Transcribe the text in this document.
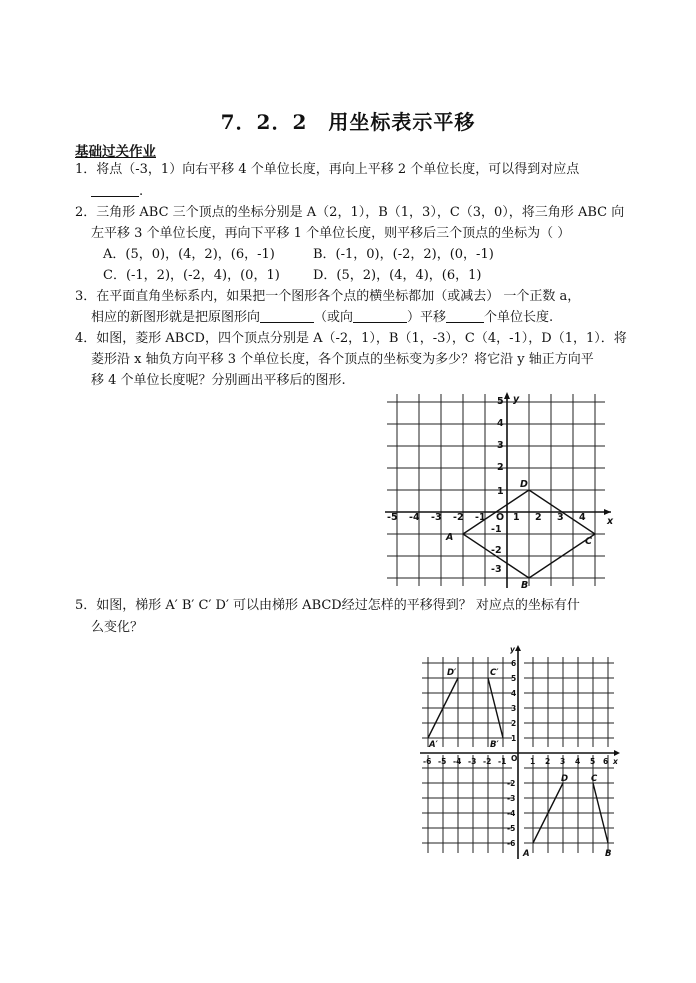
7．2．2　用坐标表示平移
基础过关作业
1．将点（-3，1）向右平移 4 个单位长度，再向上平移 2 个单位长度，可以得到对应点
.
2．三角形 ABC 三个顶点的坐标分别是 A（2，1），B（1，3），C（3，0），将三角形 ABC 向
左平移 3 个单位长度，再向下平移 1 个单位长度，则平移后三个顶点的坐标为（ ）
A．(5，0)，(4，2)，(6，-1)	B．(-1，0)，(-2，2)，(0，-1)
C．(-1，2)，(-2，4)，(0，1)	D．(5，2)，(4，4)，(6，1)
3．在平面直角坐标系内，如果把一个图形各个点的横坐标都加（或减去） 一个正数 a，
相应的新图形就是把原图形向	（或向	）平移	个单位长度.
4．如图，菱形 ABCD，四个顶点分别是 A（-2，1），B（1，-3），C（4，-1），D（1，1）．将
菱形沿 x 轴负方向平移 3 个单位长度，各个顶点的坐标变为多少？将它沿 y 轴正方向平
移 4 个单位长度呢？分别画出平移后的图形.
-5 -4 -3 -2 -1 O 1 2 3 4 x
y
5
4
3
2
1
-1
-2
-3
A
B
C
D
5．如图，梯形 A′ B′ C′ D′ 可以由梯形 ABCD经过怎样的平移得到？ 对应点的坐标有什
么变化？
-6 -5 -4 -3 -2 -1	1 2 3 4 5 6 x
y
O
6
5
4
3
2
1
-2
-3
-4
-5
-6
A′	B′
C′
D′
A	B
C
D
